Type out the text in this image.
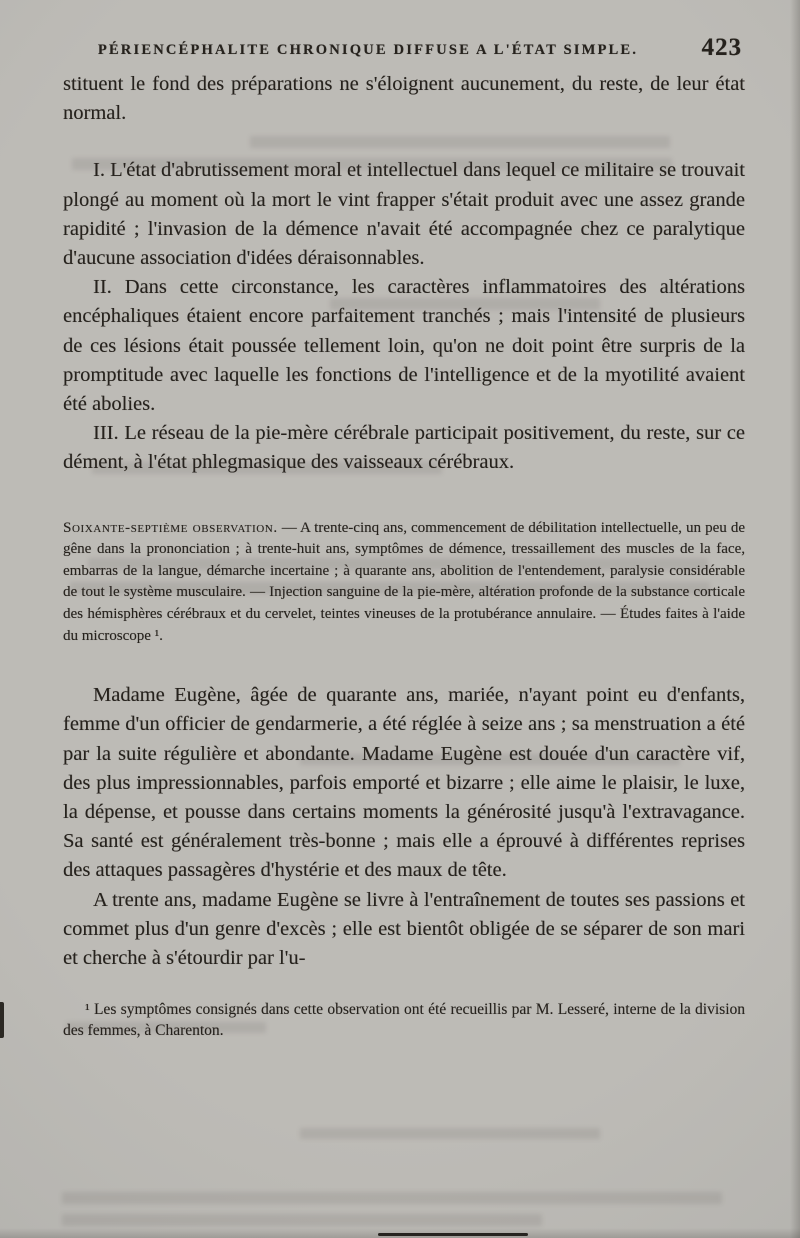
PÉRIENCÉPHALITE CHRONIQUE DIFFUSE A L'ÉTAT SIMPLE.	423

stituent le fond des préparations ne s'éloignent aucunement, du reste, de leur état normal.

I. L'état d'abrutissement moral et intellectuel dans lequel ce militaire se trouvait plongé au moment où la mort le vint frapper s'était produit avec une assez grande rapidité ; l'invasion de la démence n'avait été accompagnée chez ce paralytique d'aucune association d'idées déraisonnables.

II. Dans cette circonstance, les caractères inflammatoires des altérations encéphaliques étaient encore parfaitement tranchés ; mais l'intensité de plusieurs de ces lésions était poussée tellement loin, qu'on ne doit point être surpris de la promptitude avec laquelle les fonctions de l'intelligence et de la myotilité avaient été abolies.

III. Le réseau de la pie-mère cérébrale participait positivement, du reste, sur ce dément, à l'état phlegmasique des vaisseaux cérébraux.

Soixante-septième observation. — A trente-cinq ans, commencement de débilitation intellectuelle, un peu de gêne dans la prononciation ; à trente-huit ans, symptômes de démence, tressaillement des muscles de la face, embarras de la langue, démarche incertaine ; à quarante ans, abolition de l'entendement, paralysie considérable de tout le système musculaire. — Injection sanguine de la pie-mère, altération profonde de la substance corticale des hémisphères cérébraux et du cervelet, teintes vineuses de la protubérance annulaire. — Études faites à l'aide du microscope ¹.

Madame Eugène, âgée de quarante ans, mariée, n'ayant point eu d'enfants, femme d'un officier de gendarmerie, a été réglée à seize ans ; sa menstruation a été par la suite régulière et abondante. Madame Eugène est douée d'un caractère vif, des plus impressionnables, parfois emporté et bizarre ; elle aime le plaisir, le luxe, la dépense, et pousse dans certains moments la générosité jusqu'à l'extravagance. Sa santé est généralement très-bonne ; mais elle a éprouvé à différentes reprises des attaques passagères d'hystérie et des maux de tête.

A trente ans, madame Eugène se livre à l'entraînement de toutes ses passions et commet plus d'un genre d'excès ; elle est bientôt obligée de se séparer de son mari et cherche à s'étourdir par l'u-

¹ Les symptômes consignés dans cette observation ont été recueillis par M. Lesseré, interne de la division des femmes, à Charenton.
